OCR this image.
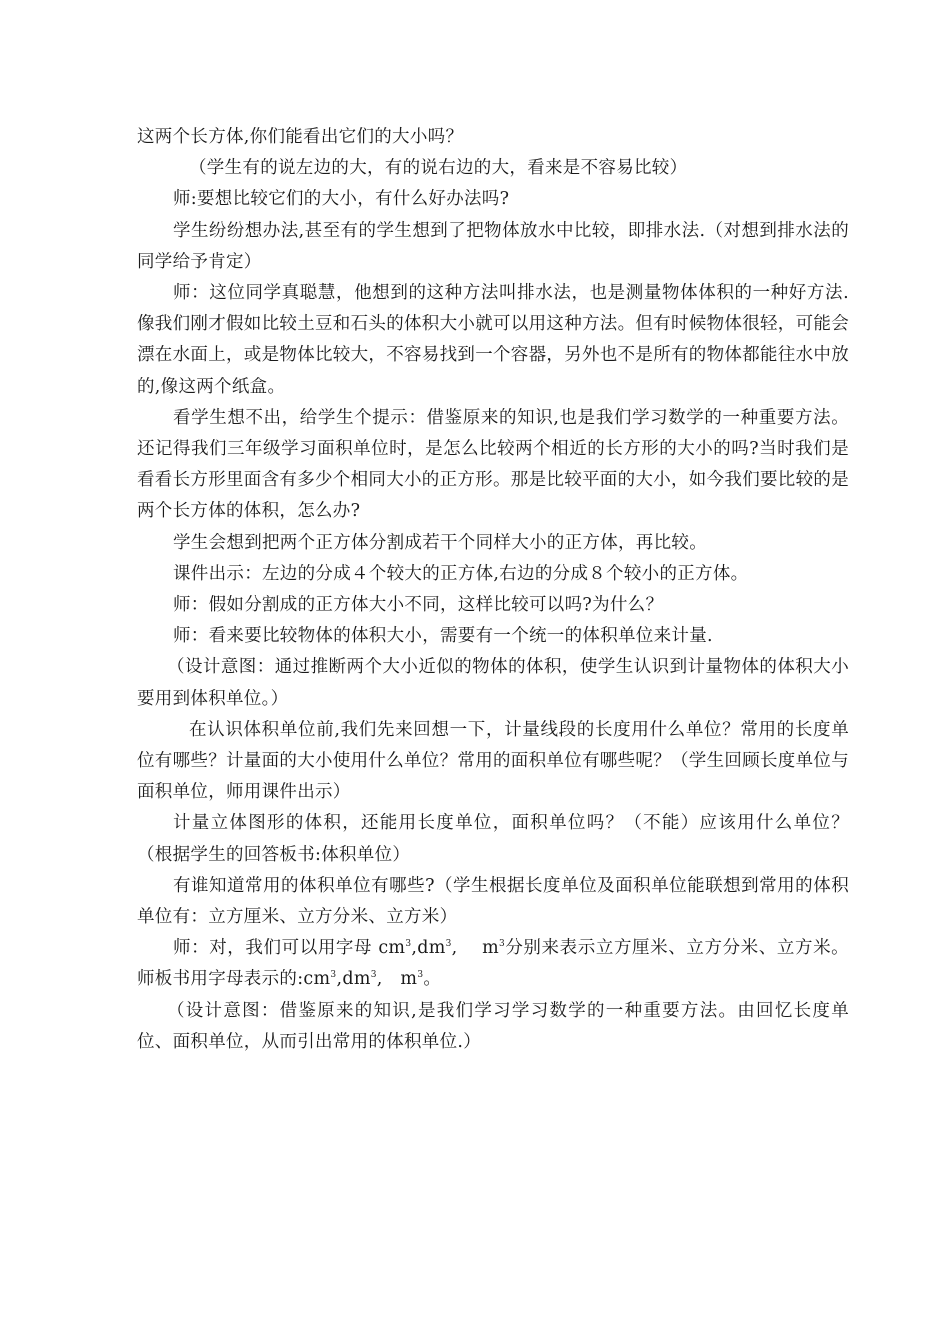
这两个长方体,你们能看出它们的大小吗？

（学生有的说左边的大，有的说右边的大，看来是不容易比较）

师:要想比较它们的大小，有什么好办法吗?

学生纷纷想办法,甚至有的学生想到了把物体放水中比较，即排水法.（对想到排水法的同学给予肯定）

师：这位同学真聪慧，他想到的这种方法叫排水法，也是测量物体体积的一种好方法.像我们刚才假如比较土豆和石头的体积大小就可以用这种方法。但有时候物体很轻，可能会漂在水面上，或是物体比较大，不容易找到一个容器，另外也不是所有的物体都能往水中放的,像这两个纸盒。

看学生想不出，给学生个提示：借鉴原来的知识,也是我们学习数学的一种重要方法。还记得我们三年级学习面积单位时，是怎么比较两个相近的长方形的大小的吗?当时我们是看看长方形里面含有多少个相同大小的正方形。那是比较平面的大小，如今我们要比较的是两个长方体的体积，怎么办?

学生会想到把两个正方体分割成若干个同样大小的正方体，再比较。

课件出示：左边的分成４个较大的正方体,右边的分成８个较小的正方体。

师：假如分割成的正方体大小不同，这样比较可以吗?为什么？

师：看来要比较物体的体积大小，需要有一个统一的体积单位来计量.

（设计意图：通过推断两个大小近似的物体的体积，使学生认识到计量物体的体积大小要用到体积单位。）

在认识体积单位前,我们先来回想一下，计量线段的长度用什么单位？常用的长度单位有哪些？计量面的大小使用什么单位？常用的面积单位有哪些呢？（学生回顾长度单位与面积单位，师用课件出示）

计量立体图形的体积，还能用长度单位，面积单位吗？（不能）应该用什么单位？（根据学生的回答板书:体积单位）

有谁知道常用的体积单位有哪些?（学生根据长度单位及面积单位能联想到常用的体积单位有：立方厘米、立方分米、立方米）

师：对，我们可以用字母 $cm^3,dm^3$,　 $m^3$分别来表示立方厘米、立方分米、立方米。师板书用字母表示的$:cm^3,dm^3$,　$m^3$。

（设计意图：借鉴原来的知识,是我们学习学习数学的一种重要方法。由回忆长度单位、面积单位，从而引出常用的体积单位.）
